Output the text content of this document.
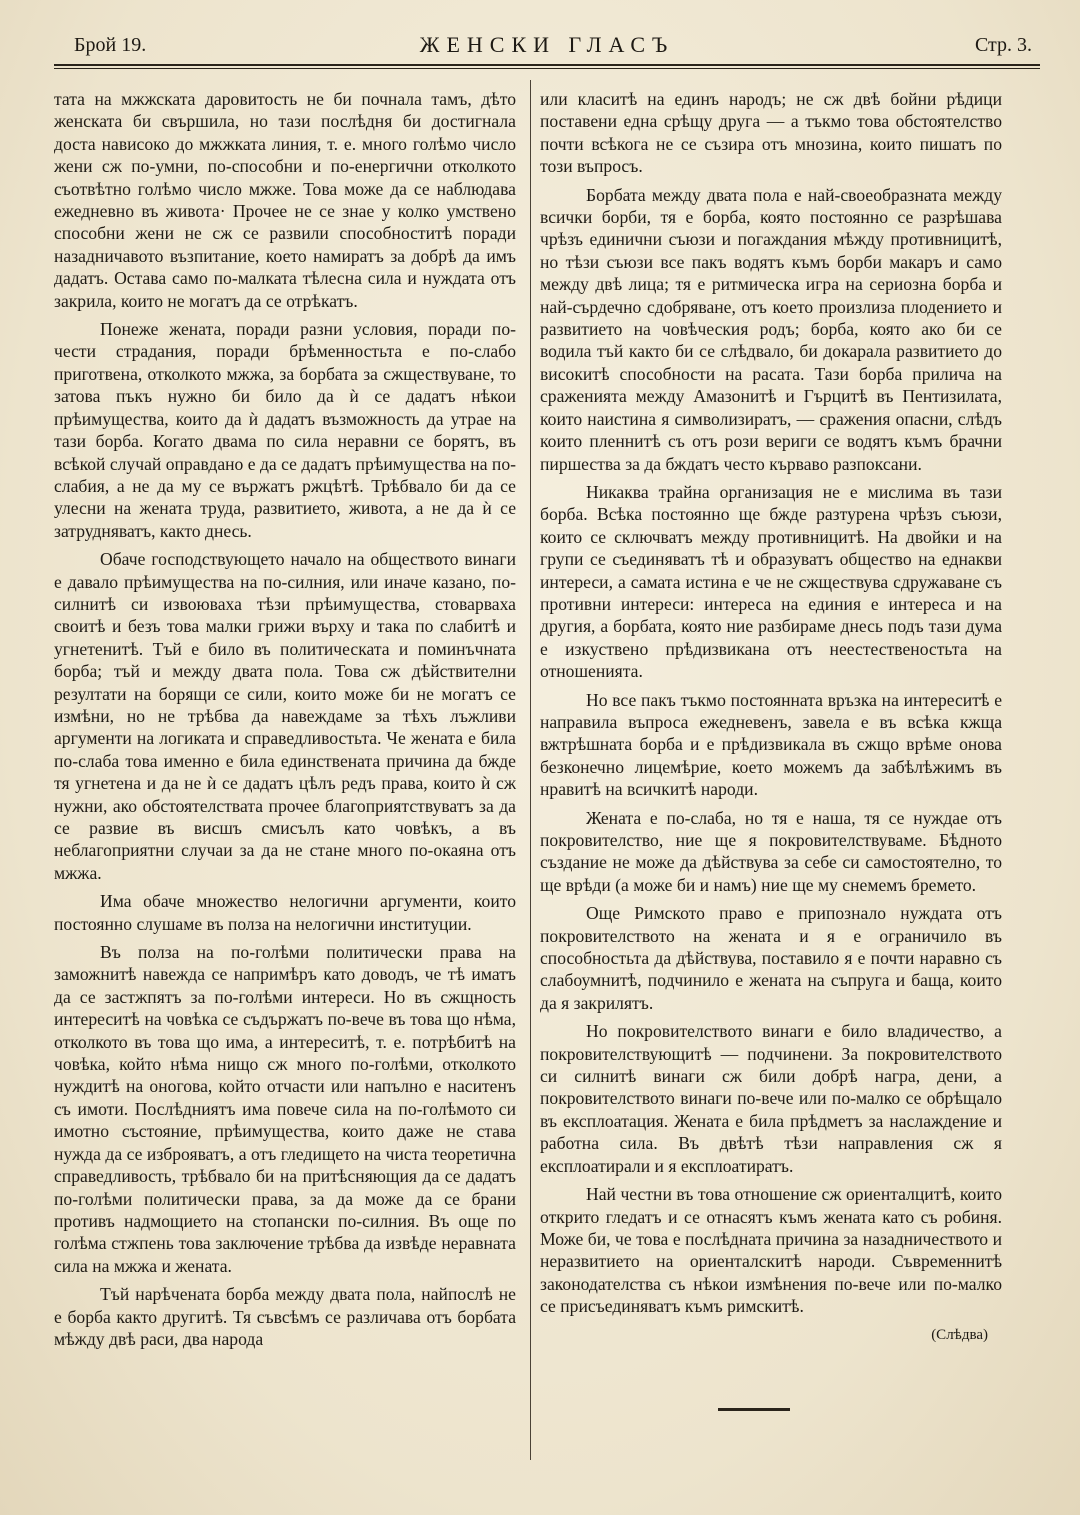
Брой 19.	ЖЕНСКИ ГЛАСЪ	Стр. 3.

тата на мжжската даровитость не би почнала тамъ, дѣто женската би свършила, но тази послѣдня би достигнала доста нависоко до мжжката линия, т. е. много голѣмо число жени сж по-умни, по-способни и по-енергични отколкото съотвѣтно голѣмо число мжже. Това може да се наблюдава ежедневно въ живота· Прочее не се знае у колко умствено способни жени не сж се развили способноститѣ поради назадничавото възпитание, което намиратъ за добрѣ да имъ дадатъ. Остава само по-малката тѣлесна сила и нуждата отъ закрила, които не могатъ да се отрѣкатъ.

Понеже жената, поради разни условия, поради по-чести страдания, поради брѣменностьта е по-слабо приготвена, отколкото мжжа, за борбата за сжществуване, то затова пъкъ нужно би било да ѝ се дадатъ нѣкои прѣимущества, които да ѝ дадатъ възможность да утрае на тази борба. Когато двама по сила неравни се борятъ, въ всѣкой случай оправдано е да се дадатъ прѣимущества на по-слабия, а не да му се вържатъ ржцѣтѣ. Трѣбвало би да се улесни на жената труда, развитието, живота, а не да ѝ се затрудняватъ, както днесь.

Обаче господствующето начало на обществото винаги е давало прѣимущества на по-силния, или иначе казано, по-силнитѣ си извоюваха тѣзи прѣимущества, стоварваха своитѣ и безъ това малки грижи върху и така по слабитѣ и угнетенитѣ. Тъй е било въ политическата и поминъчната борба; тъй и между двата пола. Това сж дѣйствителни резултати на борящи се сили, които може би не могатъ се измѣни, но не трѣбва да навеждаме за тѣхъ лъжливи аргументи на логиката и справедливостьта. Че жената е била по-слаба това именно е била единствената причина да бжде тя угнетена и да не ѝ се дадатъ цѣлъ редъ права, които ѝ сж нужни, ако обстоятелствата прочее благоприятствуватъ за да се развие въ висшъ смисълъ като човѣкъ, а въ неблагоприятни случаи за да не стане много по-окаяна отъ мжжа.

Има обаче множество нелогични аргументи, които постоянно слушаме въ полза на нелогични институции.

Въ полза на по-голѣми политически права на заможнитѣ навежда се напримѣръ като доводъ, че тѣ иматъ да се застжпятъ за по-голѣми интереси. Но въ сжщность интереситѣ на човѣка се съдържатъ по-вече въ това що нѣма, отколкото въ това що има, а интереситѣ, т. е. потрѣбитѣ на човѣка, който нѣма нищо сж много по-голѣми, отколкото нуждитѣ на оногова, който отчасти или напълно е наситенъ съ имоти. Послѣдниятъ има повече сила на по-голѣмото си имотно състояние, прѣимущества, които даже не става нужда да се изброяватъ, а отъ гледището на чиста теоретична справедливость, трѣбвало би на притѣсняющия да се дадатъ по-голѣми политически права, за да може да се брани противъ надмощието на стопански по-силния. Въ още по голѣма стжпень това заключение трѣбва да извѣде неравната сила на мжжа и жената.

Тъй нарѣчената борба между двата пола, найпослѣ не е борба както другитѣ. Тя съвсѣмъ се различава отъ борбата мѣжду двѣ раси, два народа

или класитѣ на единъ народъ; не сж двѣ бойни рѣдици поставени една срѣщу друга — а тъкмо това обстоятелство почти всѣкога не се съзира отъ мнозина, които пишатъ по този въпросъ.

Борбата между двата пола е най-своеобразната между всички борби, тя е борба, която постоянно се разрѣшава чрѣзъ единични съюзи и погаждания мѣжду противницитѣ, но тѣзи съюзи все пакъ водятъ къмъ борби макаръ и само между двѣ лица; тя е ритмическа игра на сериозна борба и най-сърдечно сдобряване, отъ което произлиза плодението и развитието на човѣческия родъ; борба, която ако би се водила тъй както би се слѣдвало, би докарала развитието до високитѣ способности на расата. Тази борба прилича на сраженията между Амазонитѣ и Гърцитѣ въ Пентизилата, които наистина я символизиратъ, — сражения опасни, слѣдъ които пленнитѣ съ отъ рози вериги се водятъ къмъ брачни пиршества за да бждатъ често кърваво разпоксани.

Никаква трайна организация не е мислима въ тази борба. Всѣка постоянно ще бжде разтурена чрѣзъ съюзи, които се сключватъ между противницитѣ. На двойки и на групи се съединяватъ тѣ и образуватъ общество на еднакви интереси, а самата истина е че не сжществува сдружаване съ противни интереси: интереса на единия е интереса и на другия, а борбата, която ние разбираме днесь подъ тази дума е изкуствено прѣдизвикана отъ неестественостьта на отношенията.

Но все пакъ тъкмо постоянната връзка на интереситѣ е направила въпроса ежедневенъ, завела е въ всѣка кжща вжтрѣшната борба и е прѣдизвикала въ сжщо врѣме онова безконечно лицемѣрие, което можемъ да забѣлѣжимъ въ нравитѣ на всичкитѣ народи.

Жената е по-слаба, но тя е наша, тя се нуждае отъ покровителство, ние ще я покровителствуваме. Бѣдното създание не може да дѣйствува за себе си самостоятелно, то ще врѣди (а може би и намъ) ние ще му снемемъ бремето.

Още Римското право е припознало нуждата отъ покровителството на жената и я е ограничило въ способностьта да дѣйствува, поставило я е почти наравно съ слабоумнитѣ, подчинило е жената на съпруга и баща, които да я закрилятъ.

Но покровителството винаги е било владичество, а покровителствующитѣ — подчинени. За покровителството си силнитѣ винаги сж били добрѣ награ, дени, а покровителството винаги по-вече или по-малко се обрѣщало въ експлоатация. Жената е била прѣдметъ за наслаждение и работна сила. Въ двѣтѣ тѣзи направления сж я експлоатирали и я експлоатиратъ.

Най честни въ това отношение сж ориенталцитѣ, които открито гледатъ и се отнасятъ къмъ жената като съ робиня. Може би, че това е послѣдната причина за назадничеството и неразвитието на ориенталскитѣ народи. Съвременнитѣ законодателства съ нѣкои измѣнения по-вече или по-малко се присъединяватъ къмъ римскитѣ.

(Слѣдва)
